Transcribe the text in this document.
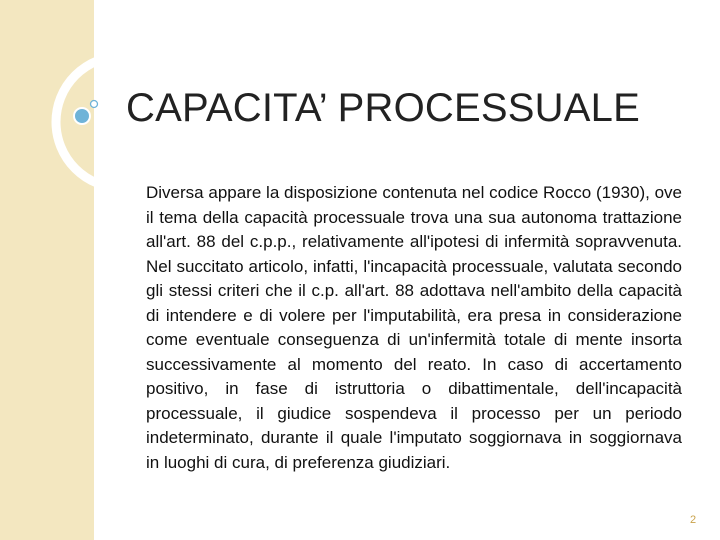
CAPACITA’ PROCESSUALE
Diversa appare la disposizione contenuta nel codice Rocco (1930), ove il tema della capacità processuale trova una sua autonoma trattazione all'art. 88 del c.p.p., relativamente all'ipotesi di infermità sopravvenuta. Nel succitato articolo, infatti, l'incapacità processuale, valutata secondo gli stessi criteri che il c.p. all'art. 88 adottava nell'ambito della capacità di intendere e di volere per l'imputabilità, era presa in considerazione come eventuale conseguenza di un'infermità totale di mente insorta successivamente al momento del reato. In caso di accertamento positivo, in fase di istruttoria o dibattimentale, dell'incapacità processuale, il giudice sospendeva il processo per un periodo indeterminato, durante il quale l'imputato soggiornava in soggiornava in luoghi di cura, di preferenza giudiziari.
2
